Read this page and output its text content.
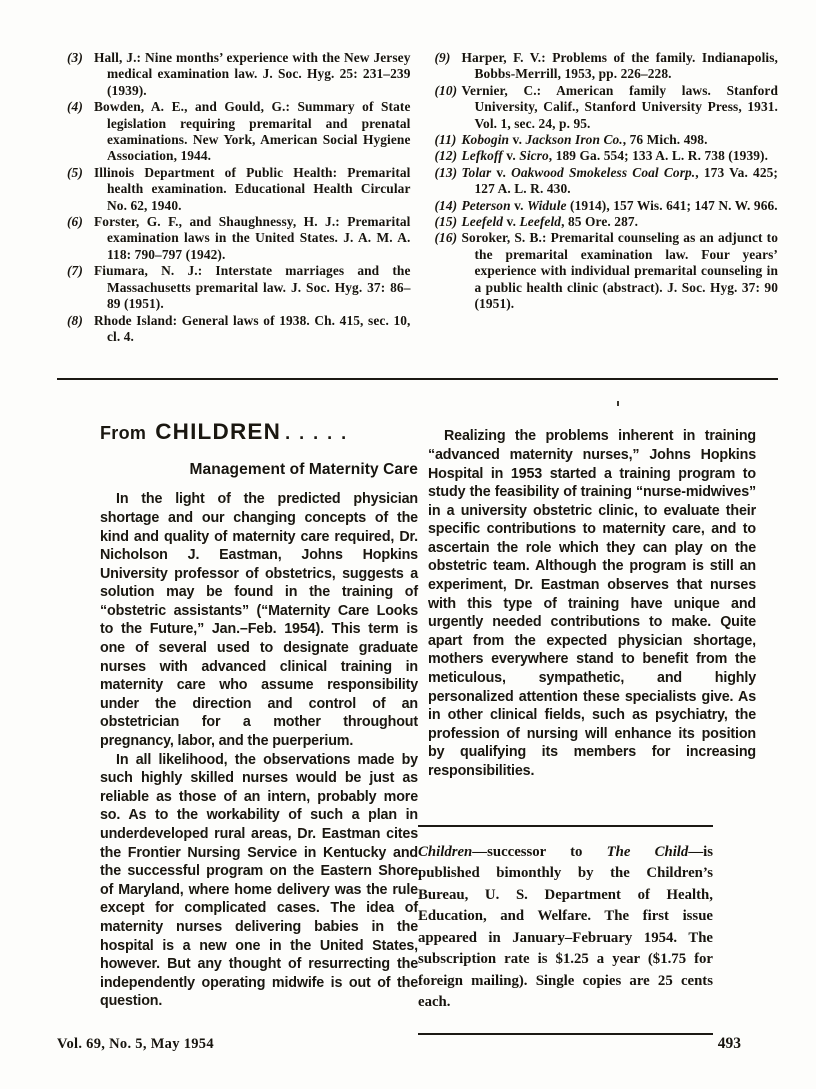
(3) Hall, J.: Nine months’ experience with the New Jersey medical examination law. J. Soc. Hyg. 25: 231–239 (1939).

(4) Bowden, A. E., and Gould, G.: Summary of State legislation requiring premarital and prenatal examinations. New York, American Social Hygiene Association, 1944.

(5) Illinois Department of Public Health: Premarital health examination. Educational Health Circular No. 62, 1940.

(6) Forster, G. F., and Shaughnessy, H. J.: Premarital examination laws in the United States. J. A. M. A. 118: 790–797 (1942).

(7) Fiumara, N. J.: Interstate marriages and the Massachusetts premarital law. J. Soc. Hyg. 37: 86–89 (1951).

(8) Rhode Island: General laws of 1938. Ch. 415, sec. 10, cl. 4.

(9) Harper, F. V.: Problems of the family. Indianapolis, Bobbs-Merrill, 1953, pp. 226–228.

(10) Vernier, C.: American family laws. Stanford University, Calif., Stanford University Press, 1931. Vol. 1, sec. 24, p. 95.

(11) Kobogin v. Jackson Iron Co., 76 Mich. 498.

(12) Lefkoff v. Sicro, 189 Ga. 554; 133 A. L. R. 738 (1939).

(13) Tolar v. Oakwood Smokeless Coal Corp., 173 Va. 425; 127 A. L. R. 430.

(14) Peterson v. Widule (1914), 157 Wis. 641; 147 N. W. 966.

(15) Leefeld v. Leefeld, 85 Ore. 287.

(16) Soroker, S. B.: Premarital counseling as an adjunct to the premarital examination law. Four years’ experience with individual premarital counseling in a public health clinic (abstract). J. Soc. Hyg. 37: 90 (1951).

From CHILDREN . . . . .
Management of Maternity Care

In the light of the predicted physician shortage and our changing concepts of the kind and quality of maternity care required, Dr. Nicholson J. Eastman, Johns Hopkins University professor of obstetrics, suggests a solution may be found in the training of “obstetric assistants” (“Maternity Care Looks to the Future,” Jan.–Feb. 1954). This term is one of several used to designate graduate nurses with advanced clinical training in maternity care who assume responsibility under the direction and control of an obstetrician for a mother throughout pregnancy, labor, and the puerperium.

In all likelihood, the observations made by such highly skilled nurses would be just as reliable as those of an intern, probably more so. As to the workability of such a plan in underdeveloped rural areas, Dr. Eastman cites the Frontier Nursing Service in Kentucky and the successful program on the Eastern Shore of Maryland, where home delivery was the rule except for complicated cases. The idea of maternity nurses delivering babies in the hospital is a new one in the United States, however. But any thought of resurrecting the independently operating midwife is out of the question.

Realizing the problems inherent in training “advanced maternity nurses,” Johns Hopkins Hospital in 1953 started a training program to study the feasibility of training “nurse-midwives” in a university obstetric clinic, to evaluate their specific contributions to maternity care, and to ascertain the role which they can play on the obstetric team. Although the program is still an experiment, Dr. Eastman observes that nurses with this type of training have unique and urgently needed contributions to make. Quite apart from the expected physician shortage, mothers everywhere stand to benefit from the meticulous, sympathetic, and highly personalized attention these specialists give. As in other clinical fields, such as psychiatry, the profession of nursing will enhance its position by qualifying its members for increasing responsibilities.

Children—successor to The Child—is published bimonthly by the Children’s Bureau, U. S. Department of Health, Education, and Welfare. The first issue appeared in January–February 1954. The subscription rate is $1.25 a year ($1.75 for foreign mailing). Single copies are 25 cents each.

Vol. 69, No. 5, May 1954	493
